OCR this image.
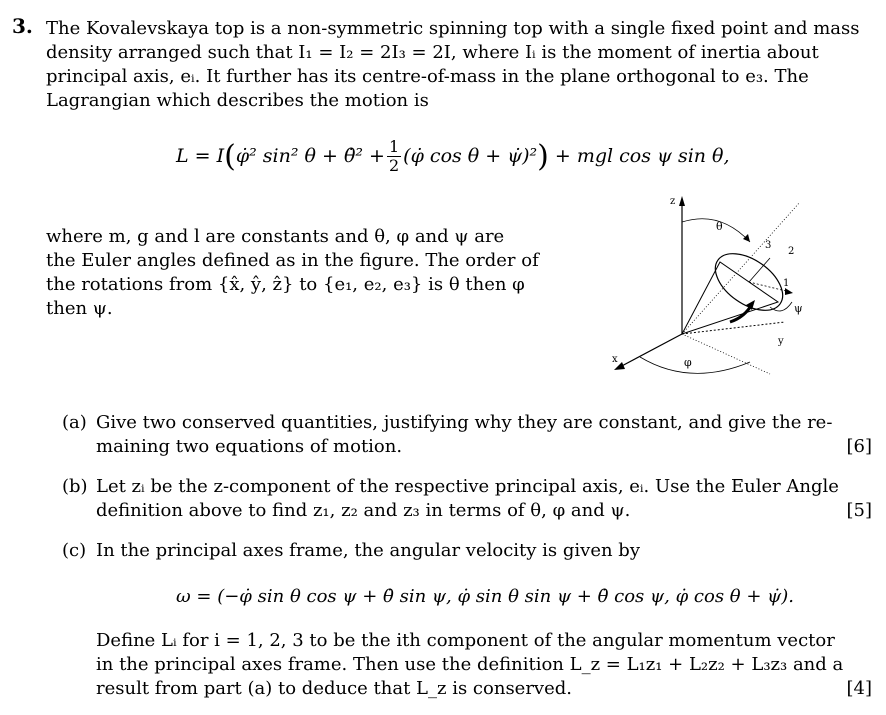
3. The Kovalevskaya top is a non-symmetric spinning top with a single fixed point and mass
density arranged such that I₁ = I₂ = 2I₃ = 2I, where Iᵢ is the moment of inertia about
principal axis, eᵢ. It further has its centre-of-mass in the plane orthogonal to e₃. The
Lagrangian which describes the motion is
L = I ( φ̇² sin² θ + θ̇² + $\frac{1}{2}$ (φ̇ cos θ + ψ̇)² ) + mgl cos ψ sin θ,
where m, g and l are constants and θ, φ and ψ are
the Euler angles defined as in the figure. The order of
the rotations from {x̂, ŷ, ẑ} to {e₁, e₂, e₃} is θ then φ
then ψ.
z
x
y
θ
φ
ψ
3
2
1
(a) Give two conserved quantities, justifying why they are constant, and give the re-
maining two equations of motion.	[6]
(b) Let zᵢ be the z-component of the respective principal axis, eᵢ. Use the Euler Angle
definition above to find z₁, z₂ and z₃ in terms of θ, φ and ψ.	[5]
(c) In the principal axes frame, the angular velocity is given by
ω = (−φ̇ sin θ cos ψ + θ̇ sin ψ, φ̇ sin θ sin ψ + θ̇ cos ψ, φ̇ cos θ + ψ̇).
Define Lᵢ for i = 1, 2, 3 to be the ith component of the angular momentum vector
in the principal axes frame. Then use the definition L_z = L₁z₁ + L₂z₂ + L₃z₃ and a
result from part (a) to deduce that L_z is conserved.	[4]
